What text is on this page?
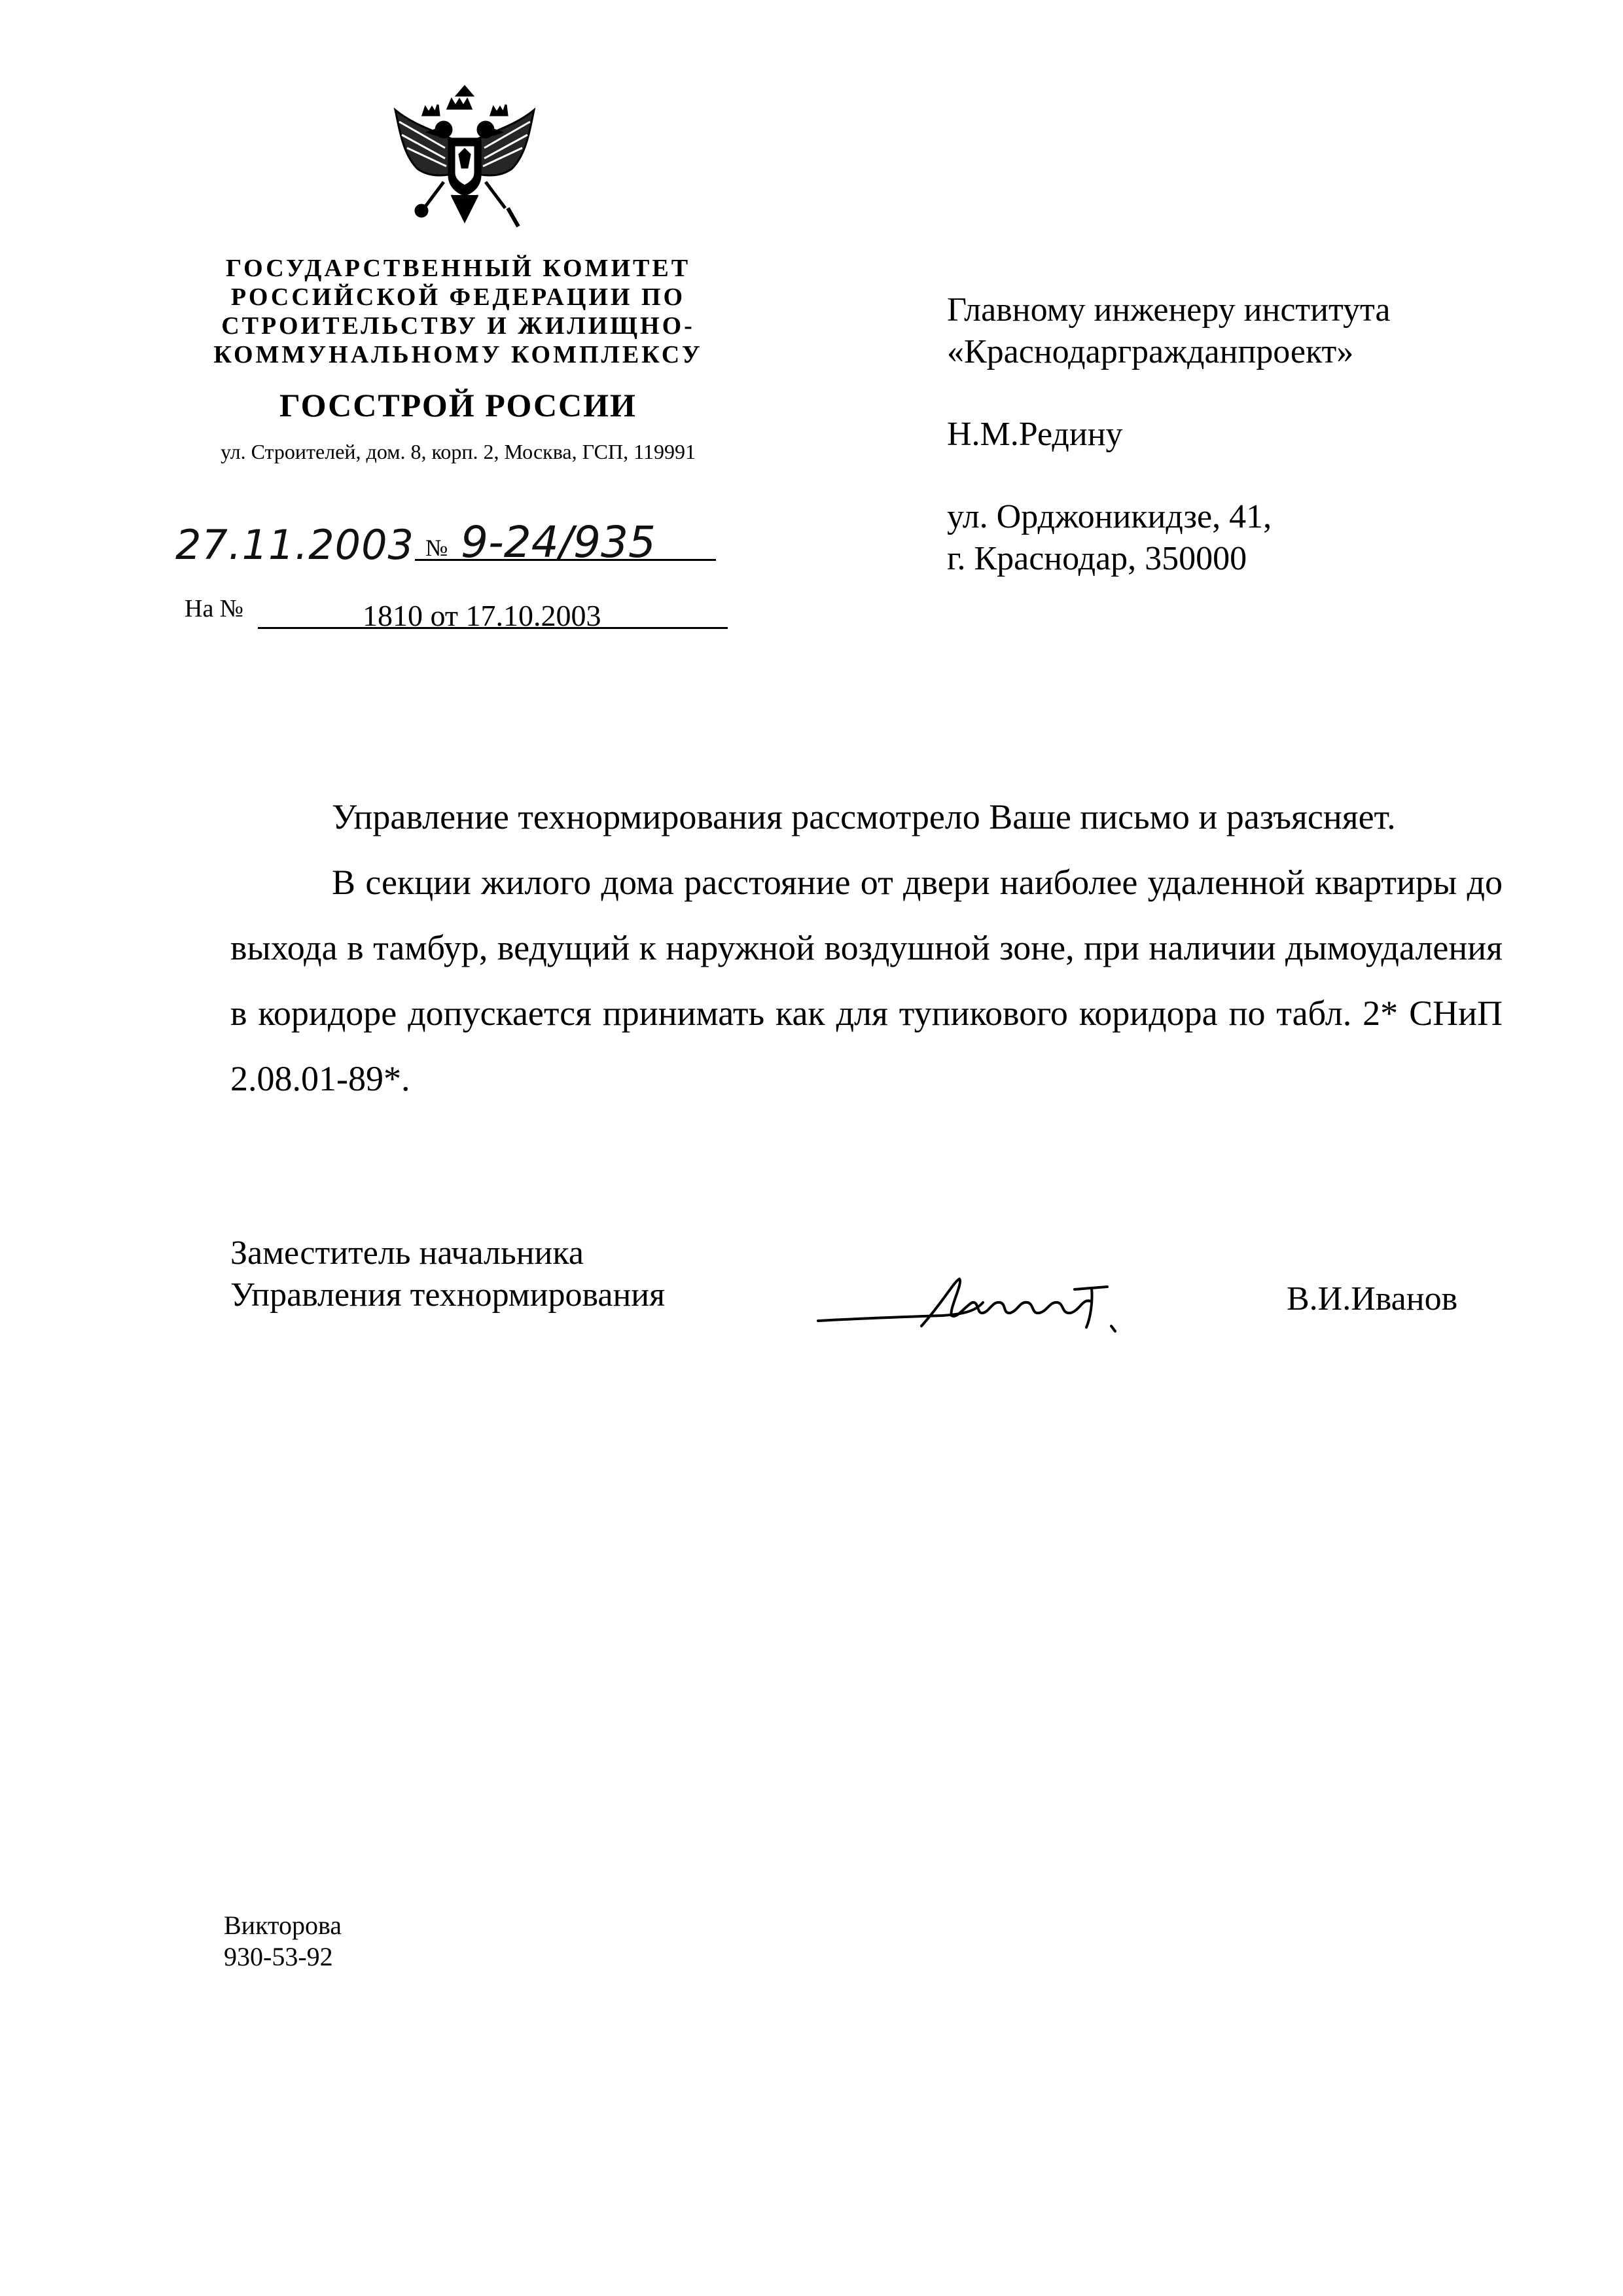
ГОСУДАРСТВЕННЫЙ КОМИТЕТ
РОССИЙСКОЙ ФЕДЕРАЦИИ ПО
СТРОИТЕЛЬСТВУ И ЖИЛИЩНО-
КОММУНАЛЬНОМУ КОМПЛЕКСУ
ГОССТРОЙ РОССИИ
ул. Строителей, дом. 8, корп. 2, Москва, ГСП, 119991
27.11.2003 № 9-24/935
На №	1810 от 17.10.2003
Главному инженеру института
«Краснодаргражданпроект»
Н.М.Редину
ул. Орджоникидзе, 41,
г. Краснодар, 350000

Управление технормирования рассмотрело Ваше письмо и разъясняет.

В секции жилого дома расстояние от двери наиболее удаленной квартиры до выхода в тамбур, ведущий к наружной воздушной зоне, при наличии дымоудаления в коридоре допускается принимать как для тупикового коридора по табл. 2* СНиП 2.08.01-89*.

Заместитель начальника
Управления технормирования	В.И.Иванов
Викторова
930-53-92
